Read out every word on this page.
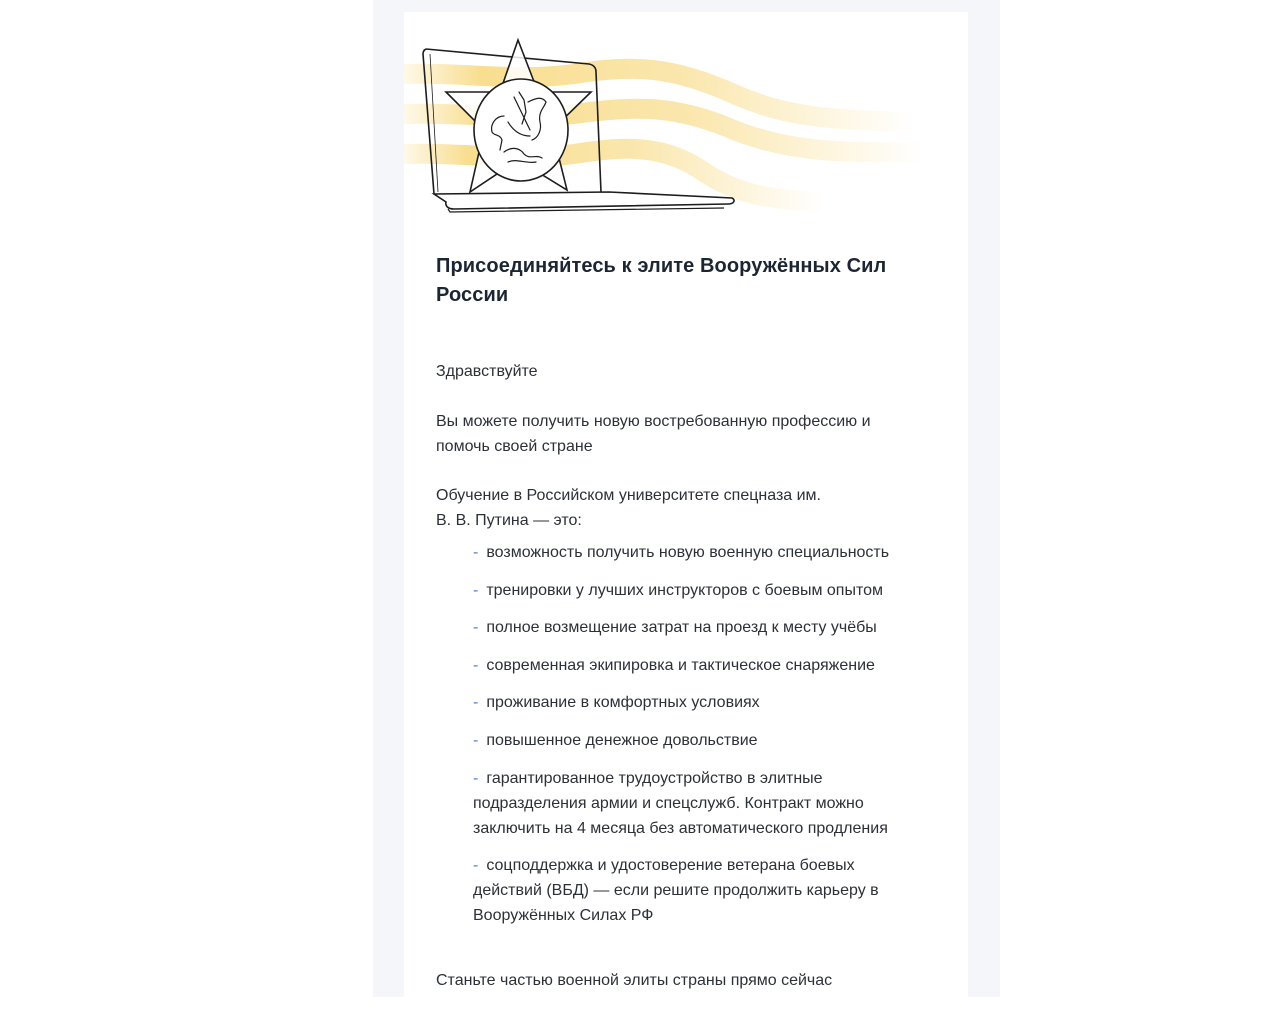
Присоединяйтесь к элите Вооружённых Сил России

Здравствуйте

Вы можете получить новую востребованную профессию и помочь своей стране

Обучение в Российском университете спецназа им. В. В. Путина — это:

- возможность получить новую военную специальность
- тренировки у лучших инструкторов с боевым опытом
- полное возмещение затрат на проезд к месту учёбы
- современная экипировка и тактическое снаряжение
- проживание в комфортных условиях
- повышенное денежное довольствие
- гарантированное трудоустройство в элитные подразделения армии и спецслужб. Контракт можно заключить на 4 месяца без автоматического продления
- соцподдержка и удостоверение ветерана боевых действий (ВБД) — если решите продолжить карьеру в Вооружённых Силах РФ

Станьте частью военной элиты страны прямо сейчас
